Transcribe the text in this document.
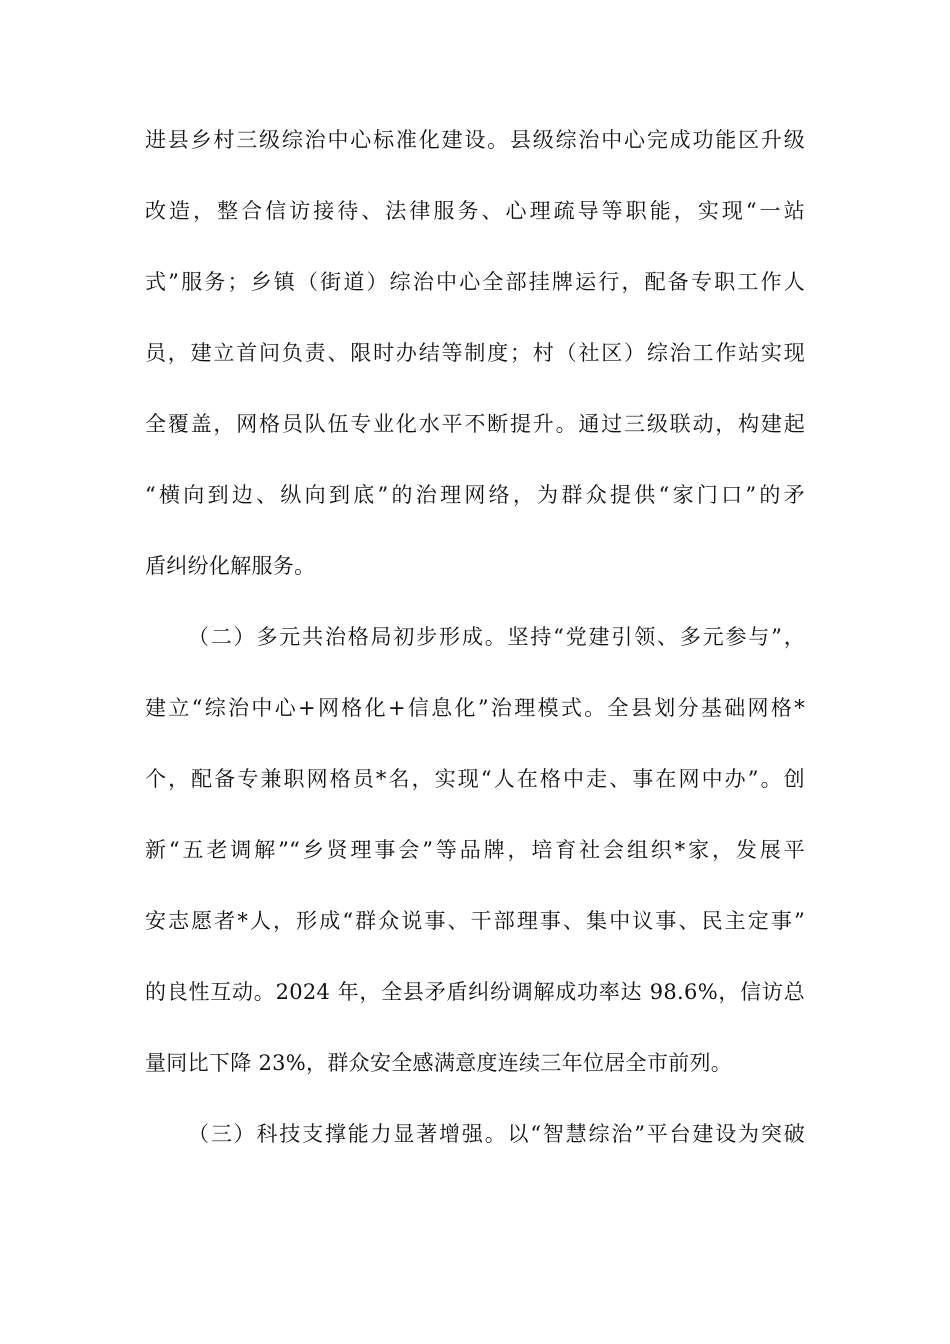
进县乡村三级综治中心标准化建设。县级综治中心完成功能区升级
改造，整合信访接待、法律服务、心理疏导等职能，实现“一站
式”服务；乡镇（街道）综治中心全部挂牌运行，配备专职工作人
员，建立首问负责、限时办结等制度；村（社区）综治工作站实现
全覆盖，网格员队伍专业化水平不断提升。通过三级联动，构建起
“横向到边、纵向到底”的治理网络，为群众提供“家门口”的矛
盾纠纷化解服务。
（二）多元共治格局初步形成。坚持“党建引领、多元参与”，
建立“综治中心+网格化+信息化”治理模式。全县划分基础网格*
个，配备专兼职网格员*名，实现“人在格中走、事在网中办”。创
新“五老调解”“乡贤理事会”等品牌，培育社会组织*家，发展平
安志愿者*人，形成“群众说事、干部理事、集中议事、民主定事”
的良性互动。2024 年，全县矛盾纠纷调解成功率达 98.6%，信访总
量同比下降 23%，群众安全感满意度连续三年位居全市前列。
（三）科技支撑能力显著增强。以“智慧综治”平台建设为突破
